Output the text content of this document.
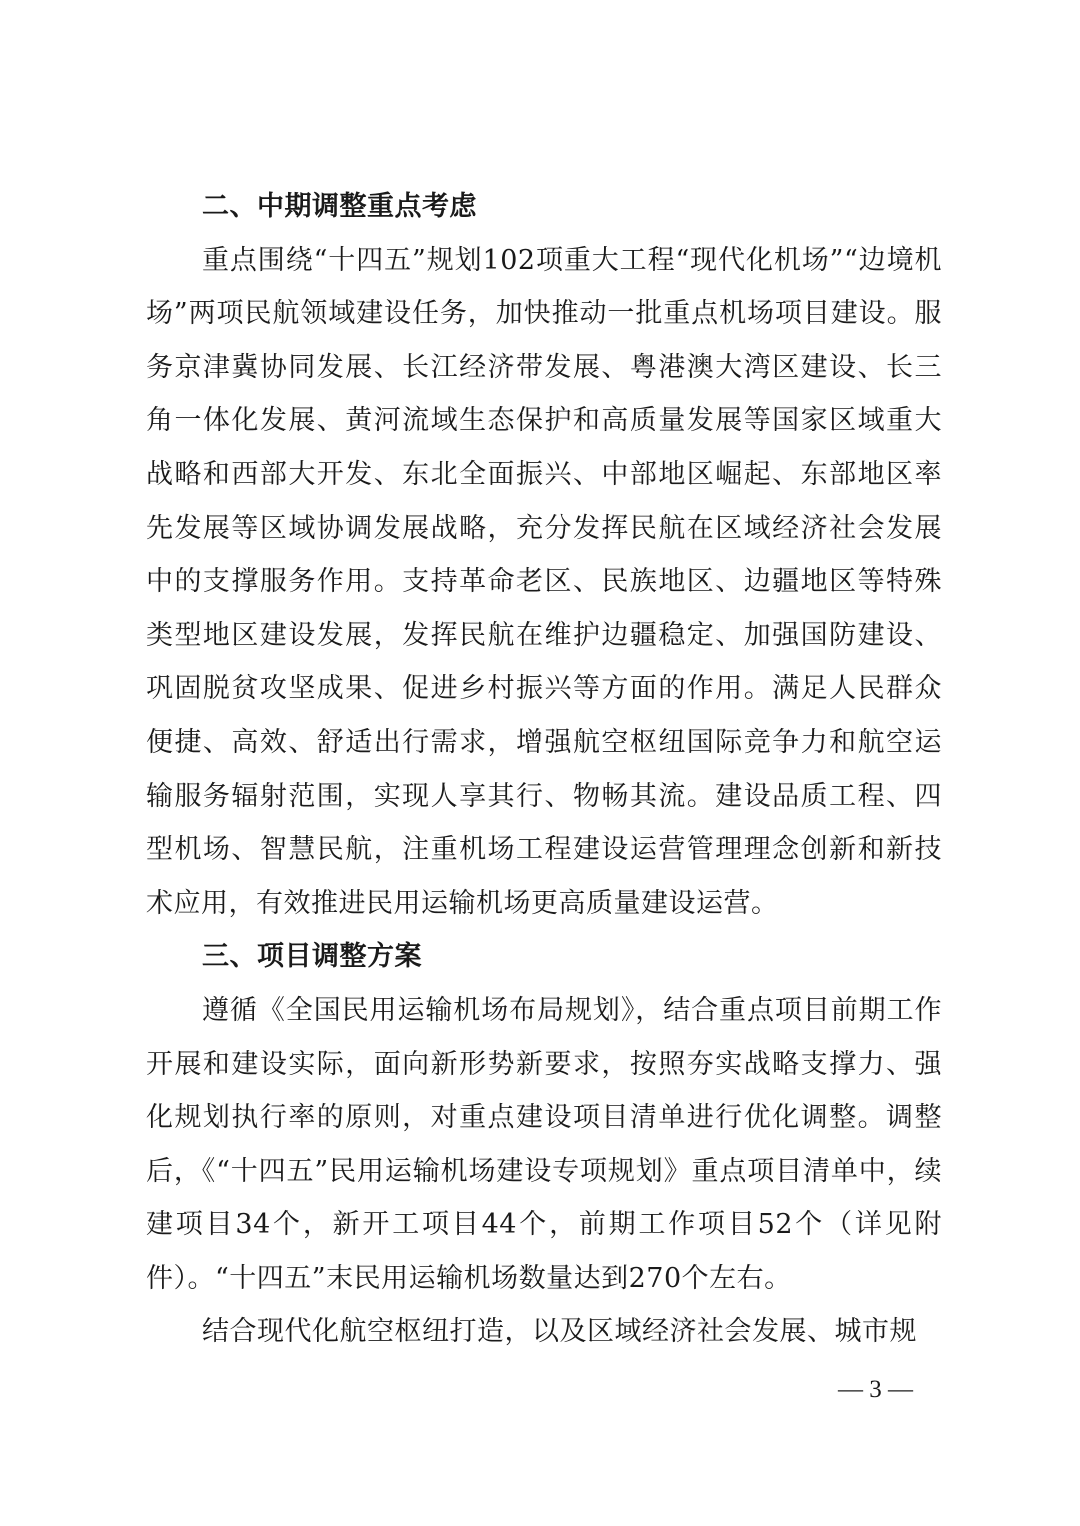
二、中期调整重点考虑

重点围绕“十四五”规划102项重大工程“现代化机场”“边境机场”两项民航领域建设任务，加快推动一批重点机场项目建设。服务京津冀协同发展、长江经济带发展、粤港澳大湾区建设、长三角一体化发展、黄河流域生态保护和高质量发展等国家区域重大战略和西部大开发、东北全面振兴、中部地区崛起、东部地区率先发展等区域协调发展战略，充分发挥民航在区域经济社会发展中的支撑服务作用。支持革命老区、民族地区、边疆地区等特殊类型地区建设发展，发挥民航在维护边疆稳定、加强国防建设、巩固脱贫攻坚成果、促进乡村振兴等方面的作用。满足人民群众便捷、高效、舒适出行需求，增强航空枢纽国际竞争力和航空运输服务辐射范围，实现人享其行、物畅其流。建设品质工程、四型机场、智慧民航，注重机场工程建设运营管理理念创新和新技术应用，有效推进民用运输机场更高质量建设运营。

三、项目调整方案

遵循《全国民用运输机场布局规划》，结合重点项目前期工作开展和建设实际，面向新形势新要求，按照夯实战略支撑力、强化规划执行率的原则，对重点建设项目清单进行优化调整。调整后，《“十四五”民用运输机场建设专项规划》重点项目清单中，续建项目34个，新开工项目44个，前期工作项目52个（详见附件）。“十四五”末民用运输机场数量达到270个左右。

结合现代化航空枢纽打造，以及区域经济社会发展、城市规

— 3 —
